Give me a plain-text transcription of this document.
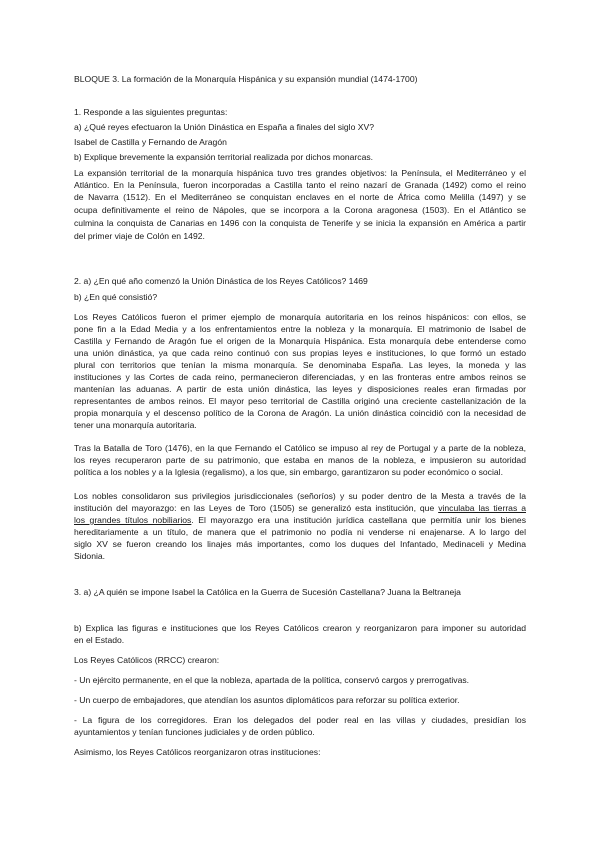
BLOQUE 3. La formación de la Monarquía Hispánica y su expansión mundial (1474-1700)
1. Responde a las siguientes preguntas:
a) ¿Qué reyes efectuaron la Unión Dinástica en España a finales del siglo XV?
Isabel de Castilla y Fernando de Aragón
b) Explique brevemente la expansión territorial realizada por dichos monarcas.
La expansión territorial de la monarquía hispánica tuvo tres grandes objetivos: la Península, el Mediterráneo y el
Atlántico. En la Península, fueron incorporadas a Castilla tanto el reino nazarí de Granada (1492) como el reino
de Navarra (1512). En el Mediterráneo se conquistan enclaves en el norte de África como Melilla (1497) y se
ocupa definitivamente el reino de Nápoles, que se incorpora a la Corona aragonesa (1503). En el Atlántico se
culmina la conquista de Canarias en 1496 con la conquista de Tenerife y se inicia la expansión en América a partir
del primer viaje de Colón en 1492.
2. a) ¿En qué año comenzó la Unión Dinástica de los Reyes Católicos? 1469
b) ¿En qué consistió?
Los Reyes Católicos fueron el primer ejemplo de monarquía autoritaria en los reinos hispánicos: con ellos, se
pone fin a la Edad Media y a los enfrentamientos entre la nobleza y la monarquía. El matrimonio de Isabel de
Castilla y Fernando de Aragón fue el origen de la Monarquía Hispánica. Esta monarquía debe entenderse como
una unión dinástica, ya que cada reino continuó con sus propias leyes e instituciones, lo que formó un estado
plural con territorios que tenían la misma monarquía. Se denominaba España. Las leyes, la moneda y las
instituciones y las Cortes de cada reino, permanecieron diferenciadas, y en las fronteras entre ambos reinos se
mantenían las aduanas. A partir de esta unión dinástica, las leyes y disposiciones reales eran firmadas por
representantes de ambos reinos. El mayor peso territorial de Castilla originó una creciente castellanización de la
propia monarquía y el descenso político de la Corona de Aragón. La unión dinástica coincidió con la necesidad de
tener una monarquía autoritaria.
Tras la Batalla de Toro (1476), en la que Fernando el Católico se impuso al rey de Portugal y a parte de la nobleza,
los reyes recuperaron parte de su patrimonio, que estaba en manos de la nobleza, e impusieron su autoridad
política a los nobles y a la Iglesia (regalismo), a los que, sin embargo, garantizaron su poder económico o social.
Los nobles consolidaron sus privilegios jurisdiccionales (señoríos) y su poder dentro de la Mesta a través de la
institución del mayorazgo: en las Leyes de Toro (1505) se generalizó esta institución, que vinculaba las tierras a
los grandes títulos nobiliarios. El mayorazgo era una institución jurídica castellana que permitía unir los bienes
hereditariamente a un título, de manera que el patrimonio no podía ni venderse ni enajenarse. A lo largo del
siglo XV se fueron creando los linajes más importantes, como los duques del Infantado, Medinaceli y Medina
Sidonia.
3. a) ¿A quién se impone Isabel la Católica en la Guerra de Sucesión Castellana? Juana la Beltraneja
b) Explica las figuras e instituciones que los Reyes Católicos crearon y reorganizaron para imponer su autoridad
en el Estado.
Los Reyes Católicos (RRCC) crearon:
- Un ejército permanente, en el que la nobleza, apartada de la política, conservó cargos y prerrogativas.
- Un cuerpo de embajadores, que atendían los asuntos diplomáticos para reforzar su política exterior.
- La figura de los corregidores. Eran los delegados del poder real en las villas y ciudades, presidían los
ayuntamientos y tenían funciones judiciales y de orden público.
Asimismo, los Reyes Católicos reorganizaron otras instituciones:
